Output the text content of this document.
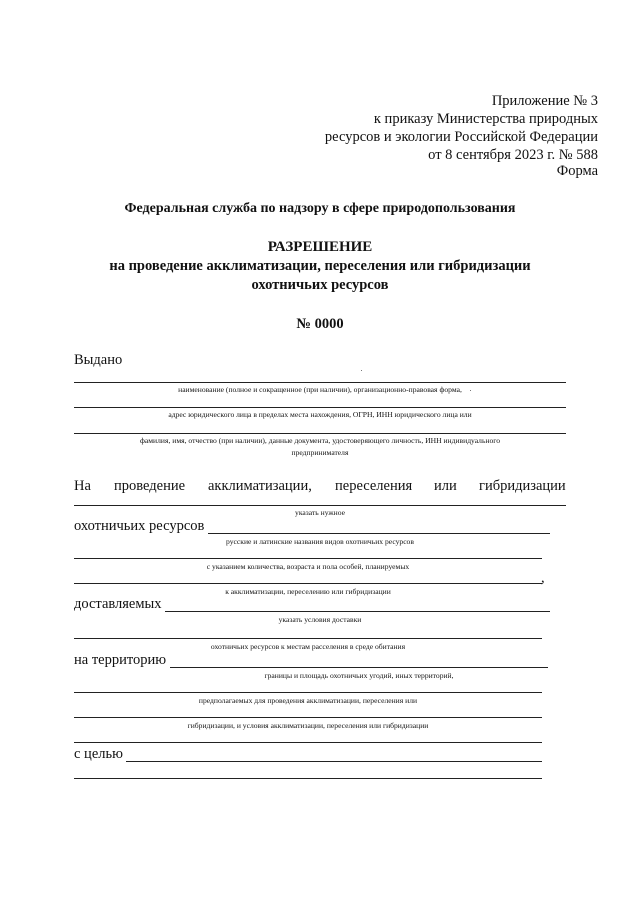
Приложение № 3
к приказу Министерства природных
ресурсов и экологии Российской Федерации
от 8 сентября 2023 г. № 588
Форма
Федеральная служба по надзору в сфере природопользования
РАЗРЕШЕНИЕ
на проведение акклиматизации, переселения или гибридизации
охотничьих ресурсов
№ 0000
Выдано
наименование (полное и сокращенное (при наличии), организационно-правовая форма,
адрес юридического лица в пределах места нахождения, ОГРН, ИНН юридического лица или
фамилия, имя, отчество (при наличии), данные документа, удостоверяющего личность, ИНН индивидуального
предпринимателя
На проведение акклиматизации, переселения или гибридизации
указать нужное
охотничьих ресурсов
русские и латинские названия видов охотничьих ресурсов
с указанием количества, возраста и пола особей, планируемых
,
к акклиматизации, переселению или гибридизации
доставляемых
указать условия доставки
охотничьих ресурсов к местам расселения в среде обитания
на территорию
границы и площадь охотничьих угодий, иных территорий,
предполагаемых для проведения акклиматизации, переселения или
гибридизации, и условия акклиматизации, переселения или гибридизации
с целью
